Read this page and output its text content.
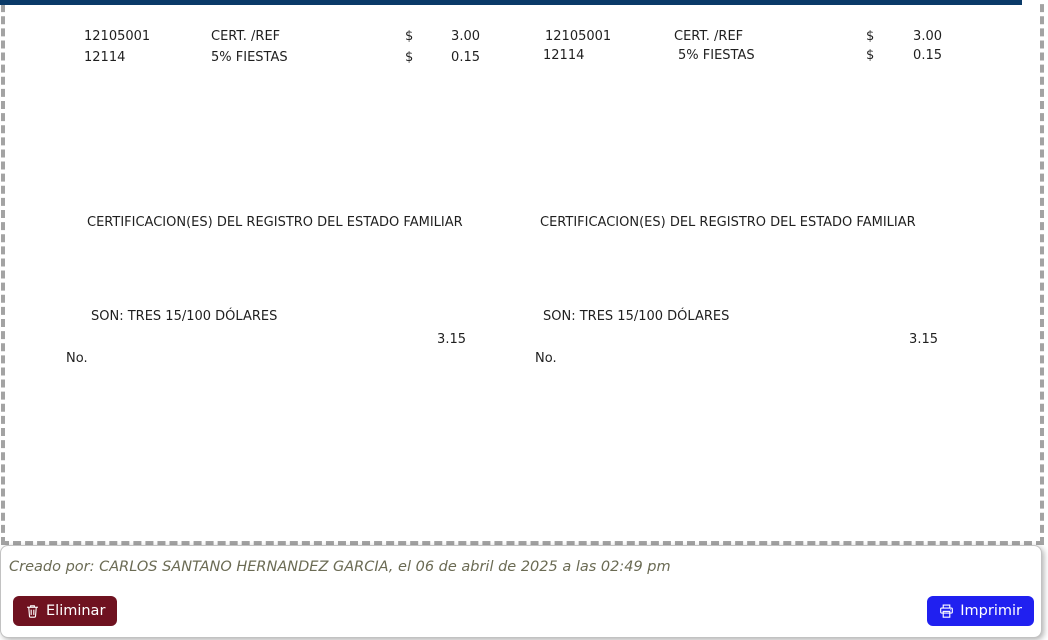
12105001	CERT. /REF	$	3.00
12114	5% FIESTAS	$	0.15
CERTIFICACION(ES) DEL REGISTRO DEL ESTADO FAMILIAR
SON: TRES 15/100 DÓLARES
3.15
No.
12105001	CERT. /REF	$	3.00
12114	5% FIESTAS	$	0.15
CERTIFICACION(ES) DEL REGISTRO DEL ESTADO FAMILIAR
SON: TRES 15/100 DÓLARES
3.15
No.
Creado por: CARLOS SANTANO HERNANDEZ GARCIA, el 06 de abril de 2025 a las 02:49 pm
Eliminar	Imprimir
